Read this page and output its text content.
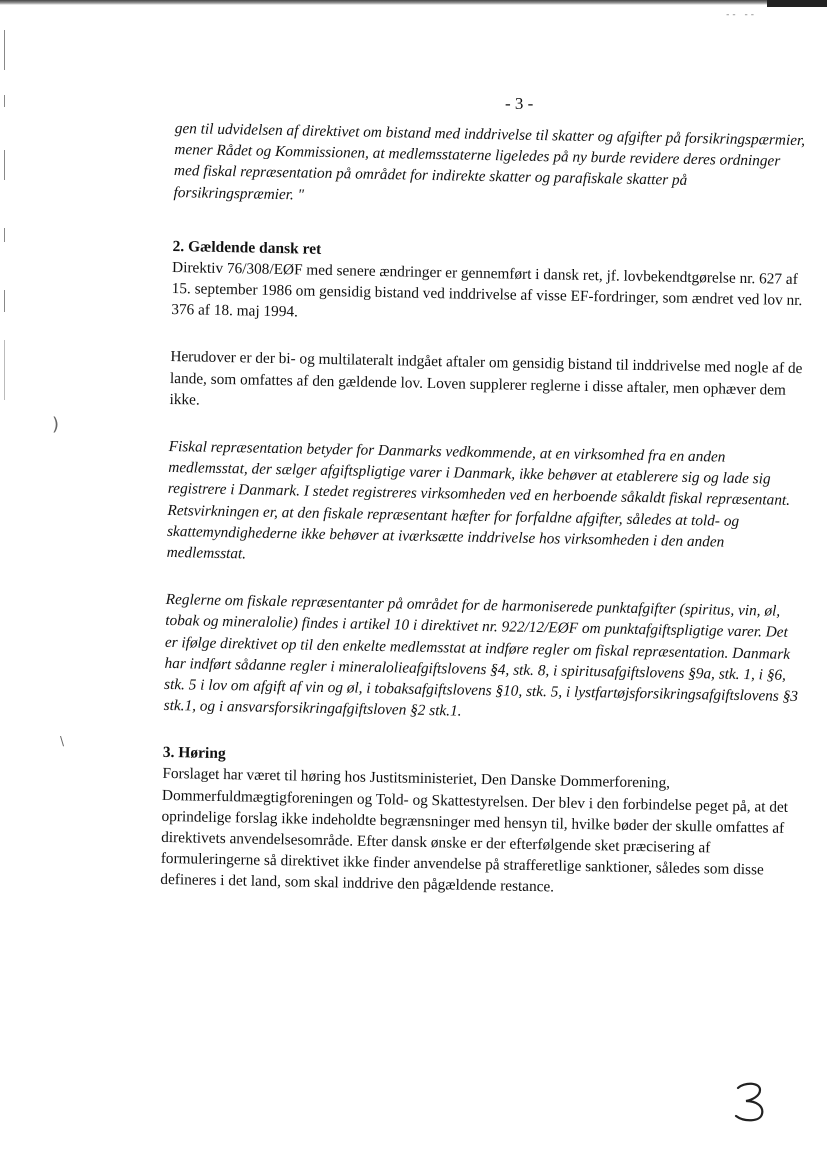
)
\
-- --
- 3 -

gen til udvidelsen af direktivet om bistand med inddrivelse til skatter og afgifter på forsikringspærmier, mener Rådet og Kommissionen, at medlemsstaterne ligeledes på ny burde revidere deres ordninger med fiskal repræsentation på området for indirekte skatter og parafiskale skatter på forsikringspræmier. "

2. Gældende dansk ret

Direktiv 76/308/EØF med senere ændringer er gennemført i dansk ret, jf. lovbekendtgørelse nr. 627 af 15. september 1986 om gensidig bistand ved inddrivelse af visse EF-fordringer, som ændret ved lov nr. 376 af 18. maj 1994.

Herudover er der bi- og multilateralt indgået aftaler om gensidig bistand til inddrivelse med nogle af de lande, som omfattes af den gældende lov. Loven supplerer reglerne i disse aftaler, men ophæver dem ikke.

Fiskal repræsentation betyder for Danmarks vedkommende, at en virksomhed fra en anden medlemsstat, der sælger afgiftspligtige varer i Danmark, ikke behøver at etablerere sig og lade sig registrere i Danmark. I stedet registreres virksomheden ved en herboende såkaldt fiskal repræsentant. Retsvirkningen er, at den fiskale repræsentant hæfter for forfaldne afgifter, således at told- og skattemyndighederne ikke behøver at iværksætte inddrivelse hos virksomheden i den anden medlemsstat.

Reglerne om fiskale repræsentanter på området for de harmoniserede punktafgifter (spiritus, vin, øl, tobak og mineralolie) findes i artikel 10 i direktivet nr. 922/12/EØF om punktafgiftspligtige varer. Det er ifølge direktivet op til den enkelte medlemsstat at indføre regler om fiskal repræsentation. Danmark har indført sådanne regler i mineralolieafgiftslovens §4, stk. 8, i spiritusafgiftslovens §9a, stk. 1, i §6, stk. 5 i lov om afgift af vin og øl, i tobaksafgiftslovens §10, stk. 5, i lystfartøjsforsikringsafgiftslovens §3 stk.1, og i ansvarsforsikringafgiftsloven §2 stk.1.

3. Høring

Forslaget har været til høring hos Justitsministeriet, Den Danske Dommerforening, Dommerfuldmægtigforeningen og Told- og Skattestyrelsen. Der blev i den forbindelse peget på, at det oprindelige forslag ikke indeholdte begrænsninger med hensyn til, hvilke bøder der skulle omfattes af direktivets anvendelsesområde. Efter dansk ønske er der efterfølgende sket præcisering af formuleringerne så direktivet ikke finder anvendelse på strafferetlige sanktioner, således som disse defineres i det land, som skal inddrive den pågældende restance.
